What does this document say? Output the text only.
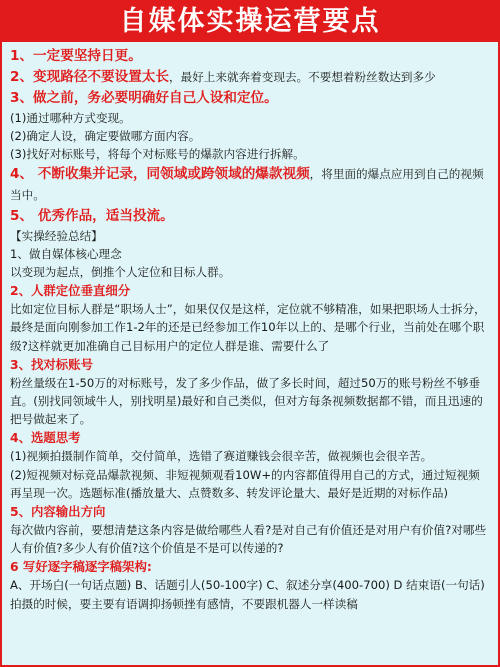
自媒体实操运营要点

1、一定要坚持日更。

2、变现路径不要设置太长，最好上来就奔着变现去。不要想着粉丝数达到多少

3、做之前，务必要明确好自己人设和定位。

(1)通过哪种方式变现。

(2)确定人设，确定要做哪方面内容。

(3)找好对标账号，将每个对标账号的爆款内容进行拆解。

4、 不断收集并记录，同领域或跨领域的爆款视频，将里面的爆点应用到自己的视频当中。

5、 优秀作品，适当投流。

【实操经验总结】

1、做自媒体核心理念

以变现为起点，倒推个人定位和目标人群。

2、人群定位垂直细分

比如定位目标人群是“职场人士”，如果仅仅是这样，定位就不够精准，如果把职场人士拆分，最终是面向刚参加工作1-2年的还是已经参加工作10年以上的、是哪个行业，当前处在哪个职级?这样就更加准确自己目标用户的定位人群是谁、需要什么了

3、找对标账号

粉丝量级在1-50万的对标账号，发了多少作品，做了多长时间，超过50万的账号粉丝不够垂直。(别找同领域牛人，别找明星)最好和自己类似，但对方每条视频数据都不错，而且迅速的把号做起来了。

4、选题思考

(1)视频拍摄制作简单，交付简单，选错了赛道赚钱会很辛苦，做视频也会很辛苦。

(2)短视频对标竞品爆款视频、非短视频观看10W+的内容都值得用自己的方式，通过短视频再呈现一次。选题标准(播放量大、点赞数多、转发评论量大、最好是近期的对标作品)

5、内容输出方向

每次做内容前，要想清楚这条内容是做给哪些人看?是对自己有价值还是对用户有价值?对哪些人有价值?多少人有价值?这个价值是不是可以传递的?

6 写好逐字稿逐字稿架构:

A、开场白(一句话点题) B、话题引人(50-100字) C、叙述分享(400-700) D 结束语(一句话)

拍摄的时候，要主要有语调抑扬顿挫有感情，不要跟机器人一样读稿
